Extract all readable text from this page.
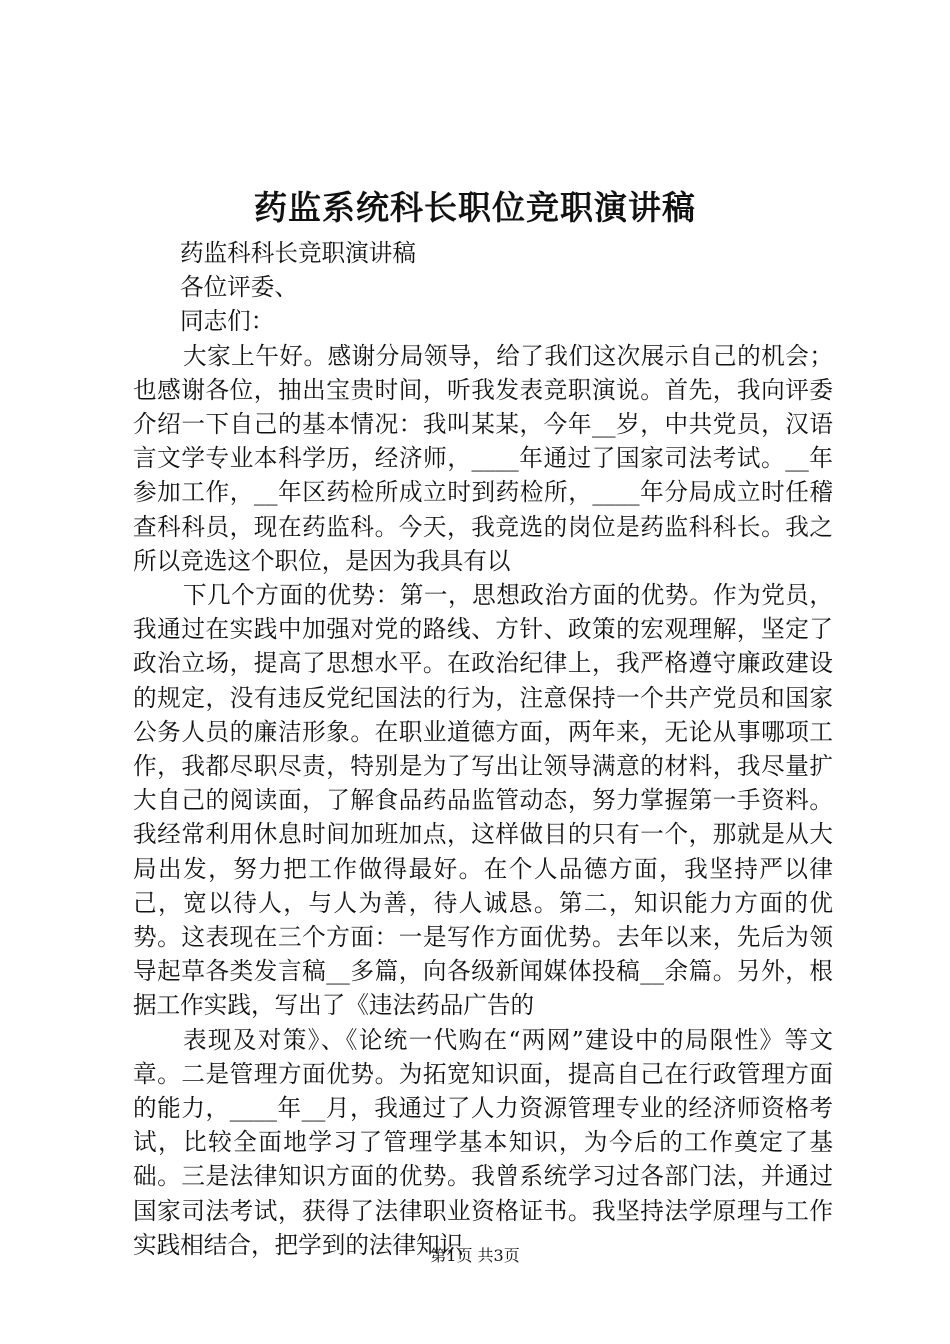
药监系统科长职位竞职演讲稿

药监科科长竞职演讲稿

各位评委、

同志们：

大家上午好。感谢分局领导，给了我们这次展示自己的机会；也感谢各位，抽出宝贵时间，听我发表竞职演说。首先，我向评委介绍一下自己的基本情况：我叫某某，今年__岁，中共党员，汉语言文学专业本科学历，经济师，____年通过了国家司法考试。__年参加工作，__年区药检所成立时到药检所，____年分局成立时任稽查科科员，现在药监科。今天，我竞选的岗位是药监科科长。我之所以竞选这个职位，是因为我具有以

下几个方面的优势：第一，思想政治方面的优势。作为党员，我通过在实践中加强对党的路线、方针、政策的宏观理解，坚定了政治立场，提高了思想水平。在政治纪律上，我严格遵守廉政建设的规定，没有违反党纪国法的行为，注意保持一个共产党员和国家公务人员的廉洁形象。在职业道德方面，两年来，无论从事哪项工作，我都尽职尽责，特别是为了写出让领导满意的材料，我尽量扩大自己的阅读面，了解食品药品监管动态，努力掌握第一手资料。我经常利用休息时间加班加点，这样做目的只有一个，那就是从大局出发，努力把工作做得最好。在个人品德方面，我坚持严以律己，宽以待人，与人为善，待人诚恳。第二，知识能力方面的优势。这表现在三个方面：一是写作方面优势。去年以来，先后为领导起草各类发言稿__多篇，向各级新闻媒体投稿__余篇。另外，根据工作实践，写出了《违法药品广告的

表现及对策》、《论统一代购在“两网”建设中的局限性》等文章。二是管理方面优势。为拓宽知识面，提高自己在行政管理方面的能力，____年__月，我通过了人力资源管理专业的经济师资格考试，比较全面地学习了管理学基本知识，为今后的工作奠定了基础。三是法律知识方面的优势。我曾系统学习过各部门法，并通过国家司法考试，获得了法律职业资格证书。我坚持法学原理与工作实践相结合，把学到的法律知识

第1页 共3页
